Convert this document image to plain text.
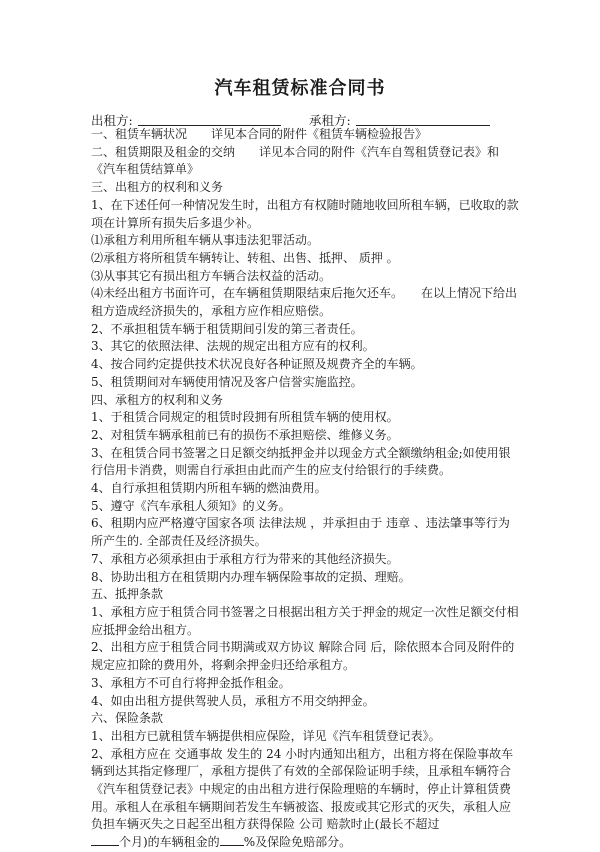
汽车租赁标准合同书
出租方:	承租方:

一、租赁车辆状况　　详见本合同的附件《租赁车辆检验报告》

二、租赁期限及租金的交纳　　详见本合同的附件《汽车自驾租赁登记表》和《汽车租赁结算单》

三、出租方的权利和义务

1、在下述任何一种情况发生时，出租方有权随时随地收回所租车辆，已收取的款项在计算所有损失后多退少补。

⑴承租方利用所租车辆从事违法犯罪活动。

⑵承租方将所租赁车辆转让、转租、出售、抵押、 质押 。

⑶从事其它有损出租方车辆合法权益的活动。

⑷未经出租方书面许可，在车辆租赁期限结束后拖欠还车。　　在以上情况下给出租方造成经济损失的，承租方应作相应赔偿。

2、不承担租赁车辆于租赁期间引发的第三者责任。

3、其它的依照法律、法规的规定出租方应有的权利。

4、按合同约定提供技术状况良好各种证照及规费齐全的车辆。

5、租赁期间对车辆使用情况及客户信誉实施监控。

四、承租方的权利和义务

1、于租赁合同规定的租赁时段拥有所租赁车辆的使用权。

2、对租赁车辆承租前已有的损伤不承担赔偿、维修义务。

3、在租赁合同书签署之日足额交纳抵押金并以现金方式全额缴纳租金;如使用银行信用卡消费，则需自行承担由此而产生的应支付给银行的手续费。

4、自行承担租赁期内所租车辆的燃油费用。

5、遵守《汽车承租人须知》的义务。

6、租期内应严格遵守国家各项 法律法规 ，并承担由于 违章 、违法肇事等行为所产生的. 全部责任及经济损失。

7、承租方必须承担由于承租方行为带来的其他经济损失。

8、协助出租方在租赁期内办理车辆保险事故的定损、理赔。

五、抵押条款

1、承租方应于租赁合同书签署之日根据出租方关于押金的规定一次性足额交付相应抵押金给出租方。

2、出租方应于租赁合同书期满或双方协议 解除合同 后，除依照本合同及附件的规定应扣除的费用外，将剩余押金归还给承租方。

3、承租方不可自行将押金抵作租金。

4、如由出租方提供驾驶人员，承租方不用交纳押金。

六、保险条款

1、出租方已就租赁车辆提供相应保险，详见《汽车租赁登记表》。

2、承租方应在 交通事故 发生的 24 小时内通知出租方，出租方将在保险事故车辆到达其指定修理厂，承租方提供了有效的全部保险证明手续，且承租车辆符合《汽车租赁登记表》中规定的由出租方进行保险理赔的车辆时，停止计算租赁费用。承租人在承租车辆期间若发生车辆被盗、报废或其它形式的灭失，承租人应负担车辆灭失之日起至出租方获得保险 公司 赔款时止(最长不超过

个月)的车辆租金的 %及保险免赔部分。
